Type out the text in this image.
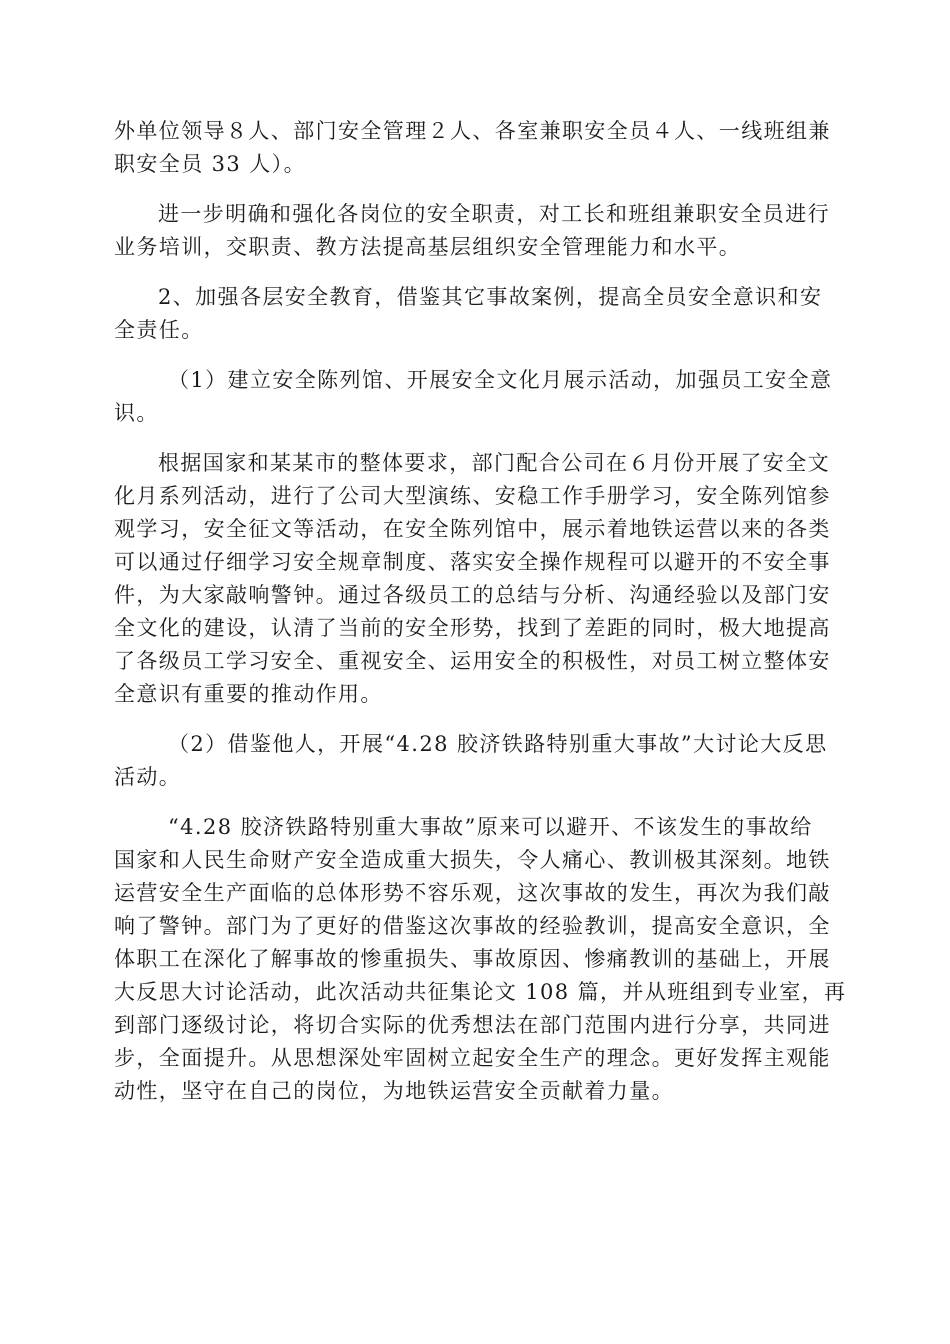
外单位领导８人、部门安全管理２人、各室兼职安全员４人、一线班组兼
职安全员 33 人）。
进一步明确和强化各岗位的安全职责，对工长和班组兼职安全员进行
业务培训，交职责、教方法提高基层组织安全管理能力和水平。
2、加强各层安全教育，借鉴其它事故案例，提高全员安全意识和安
全责任。
（1）建立安全陈列馆、开展安全文化月展示活动，加强员工安全意
识。
根据国家和某某市的整体要求，部门配合公司在６月份开展了安全文
化月系列活动，进行了公司大型演练、安稳工作手册学习，安全陈列馆参
观学习，安全征文等活动，在安全陈列馆中，展示着地铁运营以来的各类
可以通过仔细学习安全规章制度、落实安全操作规程可以避开的不安全事
件，为大家敲响警钟。通过各级员工的总结与分析、沟通经验以及部门安
全文化的建设，认清了当前的安全形势，找到了差距的同时，极大地提高
了各级员工学习安全、重视安全、运用安全的积极性，对员工树立整体安
全意识有重要的推动作用。
（2）借鉴他人，开展“4.28 胶济铁路特别重大事故”大讨论大反思
活动。
“4.28 胶济铁路特别重大事故”原来可以避开、不该发生的事故给
国家和人民生命财产安全造成重大损失，令人痛心、教训极其深刻。地铁
运营安全生产面临的总体形势不容乐观，这次事故的发生，再次为我们敲
响了警钟。部门为了更好的借鉴这次事故的经验教训，提高安全意识，全
体职工在深化了解事故的惨重损失、事故原因、惨痛教训的基础上，开展
大反思大讨论活动，此次活动共征集论文 108 篇，并从班组到专业室，再
到部门逐级讨论，将切合实际的优秀想法在部门范围内进行分享，共同进
步，全面提升。从思想深处牢固树立起安全生产的理念。更好发挥主观能
动性，坚守在自己的岗位，为地铁运营安全贡献着力量。
